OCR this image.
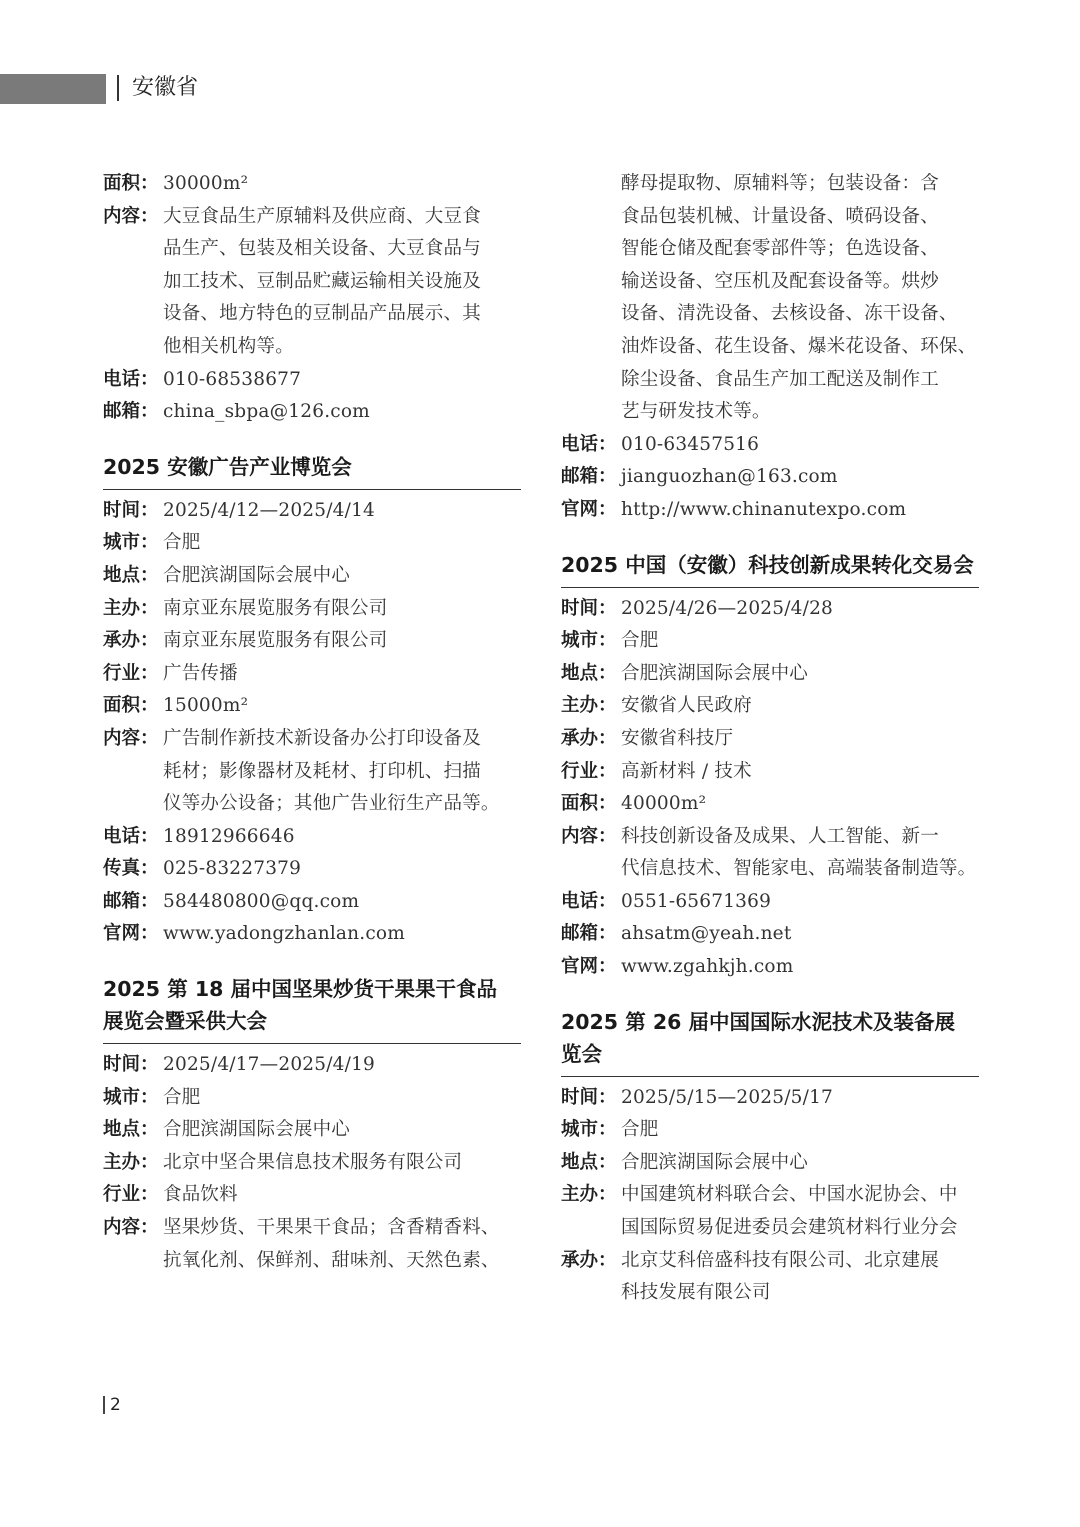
安徽省
面积： 30000m²
内容： 大豆食品生产原辅料及供应商、大豆食
品生产、包装及相关设备、大豆食品与
加工技术、豆制品贮藏运输相关设施及
设备、地方特色的豆制品产品展示、其
他相关机构等。
电话： 010-68538677
邮箱： china_sbpa@126.com
2025 安徽广告产业博览会
时间： 2025/4/12—2025/4/14
城市： 合肥
地点： 合肥滨湖国际会展中心
主办： 南京亚东展览服务有限公司
承办： 南京亚东展览服务有限公司
行业： 广告传播
面积： 15000m²
内容： 广告制作新技术新设备办公打印设备及
耗材；影像器材及耗材、打印机、扫描
仪等办公设备；其他广告业衍生产品等。
电话： 18912966646
传真： 025-83227379
邮箱： 584480800@qq.com
官网： www.yadongzhanlan.com
2025 第 18 届中国坚果炒货干果果干食品
展览会暨采供大会
时间： 2025/4/17—2025/4/19
城市： 合肥
地点： 合肥滨湖国际会展中心
主办： 北京中坚合果信息技术服务有限公司
行业： 食品饮料
内容： 坚果炒货、干果果干食品；含香精香料、
抗氧化剂、保鲜剂、甜味剂、天然色素、
酵母提取物、原辅料等；包装设备：含
食品包装机械、计量设备、喷码设备、
智能仓储及配套零部件等；色选设备、
输送设备、空压机及配套设备等。烘炒
设备、清洗设备、去核设备、冻干设备、
油炸设备、花生设备、爆米花设备、环保、
除尘设备、食品生产加工配送及制作工
艺与研发技术等。
电话： 010-63457516
邮箱： jianguozhan@163.com
官网： http://www.chinanutexpo.com
2025 中国（安徽）科技创新成果转化交易会
时间： 2025/4/26—2025/4/28
城市： 合肥
地点： 合肥滨湖国际会展中心
主办： 安徽省人民政府
承办： 安徽省科技厅
行业： 高新材料 / 技术
面积： 40000m²
内容： 科技创新设备及成果、人工智能、新一
代信息技术、智能家电、高端装备制造等。
电话： 0551-65671369
邮箱： ahsatm@yeah.net
官网： www.zgahkjh.com
2025 第 26 届中国国际水泥技术及装备展
览会
时间： 2025/5/15—2025/5/17
城市： 合肥
地点： 合肥滨湖国际会展中心
主办： 中国建筑材料联合会、中国水泥协会、中
国国际贸易促进委员会建筑材料行业分会
承办： 北京艾科倍盛科技有限公司、北京建展
科技发展有限公司
2
